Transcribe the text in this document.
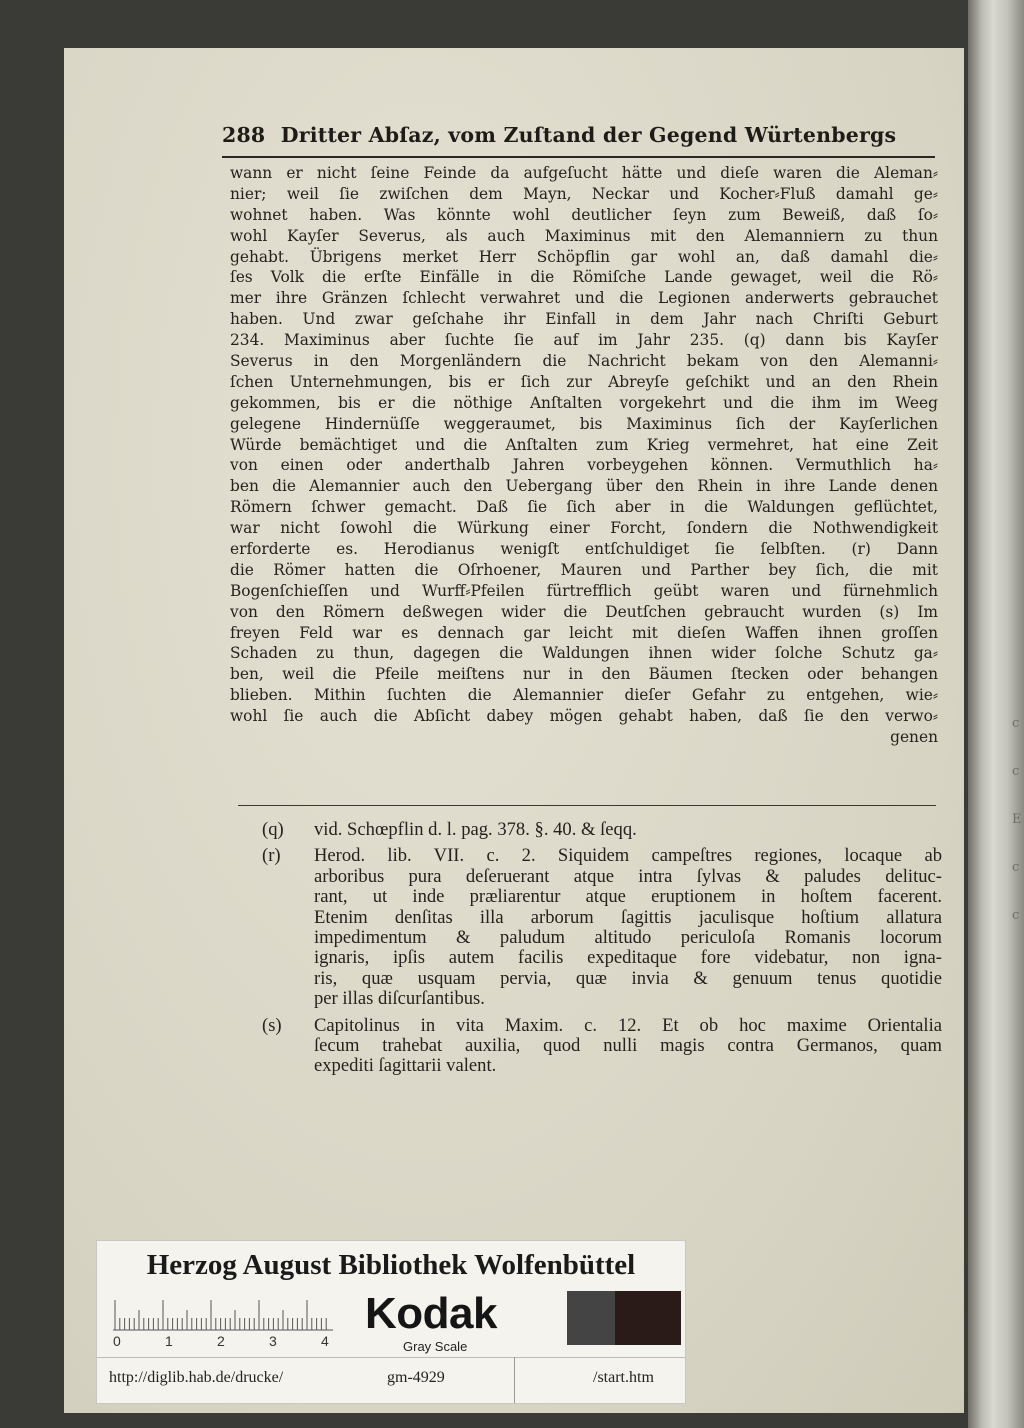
c
c
E
c
c
288 Dritter Abſaz, vom Zuſtand der Gegend Würtenbergs
wann er nicht ſeine Feinde da aufgeſucht hätte und dieſe waren die Aleman⸗
nier; weil ſie zwiſchen dem Mayn, Neckar und Kocher⸗Fluß damahl ge⸗
wohnet haben. Was könnte wohl deutlicher ſeyn zum Beweiß, daß ſo⸗
wohl Kayſer Severus, als auch Maximinus mit den Alemanniern zu thun
gehabt. Übrigens merket Herr Schöpflin gar wohl an, daß damahl die⸗
ſes Volk die erſte Einfälle in die Römiſche Lande gewaget, weil die Rö⸗
mer ihre Gränzen ſchlecht verwahret und die Legionen anderwerts gebrauchet
haben. Und zwar geſchahe ihr Einfall in dem Jahr nach Chriſti Geburt
234. Maximinus aber ſuchte ſie auf im Jahr 235. (q) dann bis Kayſer
Severus in den Morgenländern die Nachricht bekam von den Alemanni⸗
ſchen Unternehmungen, bis er ſich zur Abreyſe geſchikt und an den Rhein
gekommen, bis er die nöthige Anſtalten vorgekehrt und die ihm im Weeg
gelegene Hindernüſſe weggeraumet, bis Maximinus ſich der Kayſerlichen
Würde bemächtiget und die Anſtalten zum Krieg vermehret, hat eine Zeit
von einen oder anderthalb Jahren vorbeygehen können. Vermuthlich ha⸗
ben die Alemannier auch den Uebergang über den Rhein in ihre Lande denen
Römern ſchwer gemacht. Daß ſie ſich aber in die Waldungen geflüchtet,
war nicht ſowohl die Würkung einer Forcht, ſondern die Nothwendigkeit
erforderte es. Herodianus wenigſt entſchuldiget ſie ſelbſten. (r) Dann
die Römer hatten die Oſrhoener, Mauren und Parther bey ſich, die mit
Bogenſchieſſen und Wurff⸗Pfeilen fürtrefflich geübt waren und fürnehmlich
von den Römern deßwegen wider die Deutſchen gebraucht wurden (s) Im
freyen Feld war es dennach gar leicht mit dieſen Waffen ihnen groſſen
Schaden zu thun, dagegen die Waldungen ihnen wider ſolche Schutz ga⸗
ben, weil die Pfeile meiſtens nur in den Bäumen ſtecken oder behangen
blieben. Mithin ſuchten die Alemannier dieſer Gefahr zu entgehen, wie⸗
wohl ſie auch die Abſicht dabey mögen gehabt haben, daß ſie den verwo⸗
genen
(q) vid. Schœpflin d. l. pag. 378. §. 40. & ſeqq.
(r) Herod. lib. VII. c. 2. Siquidem campeſtres regiones, locaque ab
arboribus pura deſeruerant atque intra ſylvas & paludes delituc-
rant, ut inde præliarentur atque eruptionem in hoſtem facerent.
Etenim denſitas illa arborum ſagittis jaculisque hoſtium allatura
impedimentum & paludum altitudo periculoſa Romanis locorum
ignaris, ipſis autem facilis expeditaque fore videbatur, non igna-
ris, quæ usquam pervia, quæ invia & genuum tenus quotidie
per illas diſcurſantibus.
(s) Capitolinus in vita Maxim. c. 12. Et ob hoc maxime Orientalia
ſecum trahebat auxilia, quod nulli magis contra Germanos, quam
expediti ſagittarii valent.
Herzog August Bibliothek Wolfenbüttel
0	1	2	3	4
Kodak
Gray Scale
http://diglib.hab.de/drucke/	gm-4929	/start.htm
